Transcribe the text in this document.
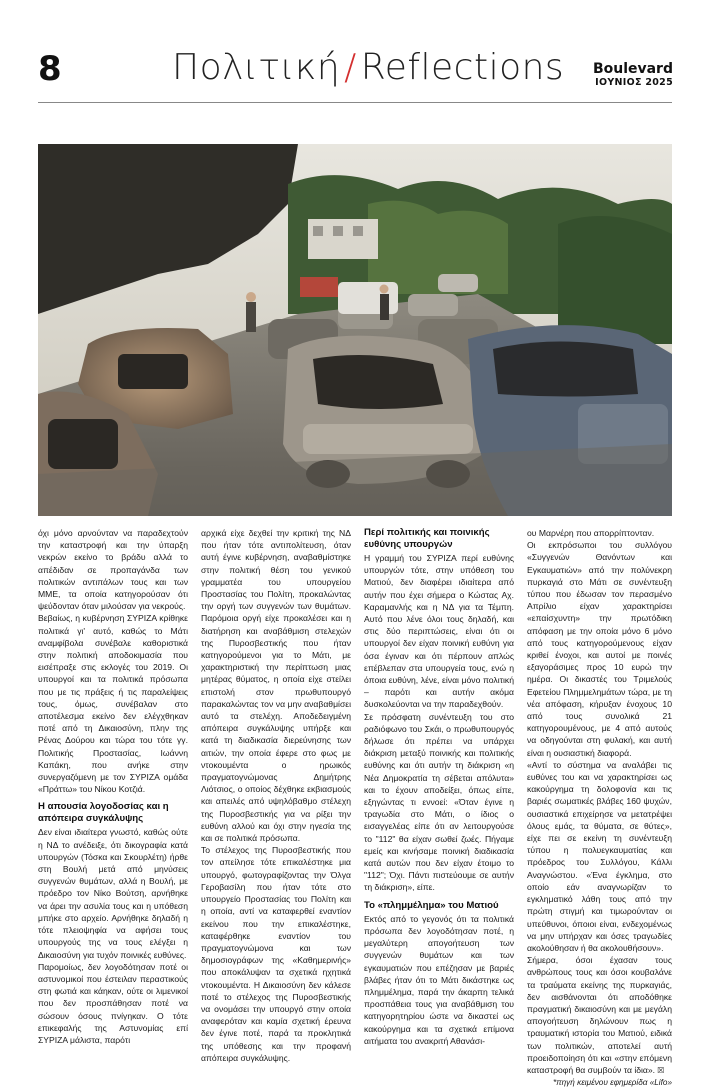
8	Πολιτική / Reflections Boulevard
ΙΟΥΝΙΟΣ 2025

όχι μόνο αρνούνταν να παραδεχτούν την καταστροφή και την ύπαρξη νεκρών εκείνο το βράδυ αλλά το απέδιδαν σε προπαγάνδα των πολιτικών αντιπάλων τους και των ΜΜΕ, τα οποία κατηγορούσαν ότι ψεύδονταν όταν μιλούσαν για νεκρούς.

Βεβαίως, η κυβέρνηση ΣΥΡΙΖΑ κρίθηκε πολιτικά γι' αυτό, καθώς το Μάτι αναμφίβολα συνέβαλε καθοριστικά στην πολιτική αποδοκιμασία που εισέπραξε στις εκλογές του 2019. Οι υπουργοί και τα πολιτικά πρόσωπα που με τις πράξεις ή τις παραλείψεις τους, όμως, συνέβαλαν στο αποτέλεσμα εκείνο δεν ελέγχθηκαν ποτέ από τη Δικαιοσύνη, πλην της Ρένας Δούρου και τώρα του τότε γγ. Πολιτικής Προστασίας, Ιωάννη Καπάκη, που ανήκε στην συνεργαζόμενη με τον ΣΥΡΙΖΑ ομάδα «Πράττω» του Νίκου Κοτζιά.

Η απουσία λογοδοσίας και η απόπειρα συγκάλυψης

Δεν είναι ιδιαίτερα γνωστό, καθώς ούτε η ΝΔ το ανέδειξε, ότι δικογραφία κατά υπουργών (Τόσκα και Σκουρλέτη) ήρθε στη Βουλή μετά από μηνύσεις συγγενών θυμάτων, αλλά η Βουλή, με πρόεδρο τον Νίκο Βούτση, αρνήθηκε να άρει την ασυλία τους και η υπόθεση μπήκε στο αρχείο. Αρνήθηκε δηλαδή η τότε πλειοψηφία να αφήσει τους υπουργούς της να τους ελέγξει η Δικαιοσύνη για τυχόν ποινικές ευθύνες.

Παρομοίως, δεν λογοδότησαν ποτέ οι αστυνομικοί που έστειλαν περαστικούς στη φωτιά και κάηκαν, ούτε οι λιμενικοί που δεν προσπάθησαν ποτέ να σώσουν όσους πνίγηκαν. Ο τότε επικεφαλής της Αστυνομίας επί ΣΥΡΙΖΑ μάλιστα, παρότι

αρχικά είχε δεχθεί την κριτική της ΝΔ που ήταν τότε αντιπολίτευση, όταν αυτή έγινε κυβέρνηση, αναβαθμίστηκε στην πολιτική θέση του γενικού γραμματέα του υπουργείου Προστασίας του Πολίτη, προκαλώντας την οργή των συγγενών των θυμάτων. Παρόμοια οργή είχε προκαλέσει και η διατήρηση και αναβάθμιση στελεχών της Πυροσβεστικής που ήταν κατηγορούμενοι για το Μάτι, με χαρακτηριστική την περίπτωση μιας μητέρας θύματος, η οποία είχε στείλει επιστολή στον πρωθυπουργό παρακαλώντας τον να μην αναβαθμίσει αυτό τα στελέχη. Αποδεδειγμένη απόπειρα συγκάλυψης υπήρξε και κατά τη διαδικασία διερεύνησης των αιτιών, την οποία έφερε στο φως με ντοκουμέντα ο ηρωικός πραγματογνώμονας Δημήτρης Λιότσιος, ο οποίος δέχθηκε εκβιασμούς και απειλές από υψηλόβαθμο στέλεχη της Πυροσβεστικής για να ρίξει την ευθύνη αλλού και όχι στην ηγεσία της και σε πολιτικά πρόσωπα.

Το στέλεχος της Πυροσβεστικής που τον απείλησε τότε επικαλέστηκε μια υπουργό, φωτογραφίζοντας την Όλγα Γεροβασίλη που ήταν τότε στο υπουργείο Προστασίας του Πολίτη και η οποία, αντί να καταφερθεί εναντίον εκείνου που την επικαλέστηκε, καταφέρθηκε εναντίον του πραγματογνώμονα και των δημοσιογράφων της «Καθημερινής» που αποκάλυψαν τα σχετικά ηχητικά ντοκουμέντα. Η Δικαιοσύνη δεν κάλεσε ποτέ το στέλεχος της Πυροσβεστικής να ονομάσει την υπουργό στην οποία αναφερόταν και καμία σχετική έρευνα δεν έγινε ποτέ, παρά τα προκλητικά της υπόθεσης και την προφανή απόπειρα συγκάλυψης.

Περί πολιτικής και ποινικής ευθύνης υπουργών

Η γραμμή του ΣΥΡΙΖΑ περί ευθύνης υπουργών τότε, στην υπόθεση του Ματιού, δεν διαφέρει ιδιαίτερα από αυτήν που έχει σήμερα ο Κώστας Αχ. Καραμανλής και η ΝΔ για τα Τέμπη. Αυτό που λένε όλοι τους δηλαδή, και στις δύο περιπτώσεις, είναι ότι οι υπουργοί δεν είχαν ποινική ευθύνη για όσα έγιναν και ότι πέρπουν απλώς επέβλεπαν στα υπουργεία τους, ενώ η όποια ευθύνη, λένε, είναι μόνο πολιτική – παρότι και αυτήν ακόμα δυσκολεύονται να την παραδεχθούν.

Σε πρόσφατη συνέντευξη του στο ραδιόφωνο του Σκάι, ο πρωθυπουργός δήλωσε ότι πρέπει να υπάρχει διάκριση μεταξύ ποινικής και πολιτικής ευθύνης και ότι αυτήν τη διάκριση «η Νέα Δημοκρατία τη σέβεται απόλυτα» και το έχουν αποδείξει, όπως είπε, εξηγώντας τι εννοεί: «Όταν έγινε η τραγωδία στο Μάτι, ο ίδιος ο εισαγγελέας είπε ότι αν λειτουργούσε το "112" θα είχαν σωθεί ζωές. Πήγαμε εμείς και κινήσαμε ποινική διαδικασία κατά αυτών που δεν είχαν έτοιμο το "112"; Όχι. Πάντι πιστεύουμε σε αυτήν τη διάκριση», είπε.

Το «πλημμέλημα» του Ματιού

Εκτός από το γεγονός ότι τα πολιτικά πρόσωπα δεν λογοδότησαν ποτέ, η μεγαλύτερη απογοήτευση των συγγενών θυμάτων και των εγκαυματιών που επέζησαν με βαριές βλάβες ήταν ότι το Μάτι δικάστηκε ως πλημμέλημα, παρά την άκαρπη τελικά προσπάθεια τους για αναβάθμιση του κατηγορητηρίου ώστε να δικαστεί ως κακούργημα και τα σχετικά επίμονα αιτήματα του ανακριτή Αθανάσι-

ου Μαρνέρη που απορρίπτονταν.

Οι εκπρόσωποι του συλλόγου «Συγγενών Θανόντων και Εγκαυματιών» από την πολύνεκρη πυρκαγιά στο Μάτι σε συνέντευξη τύπου που έδωσαν τον περασμένο Απρίλιο είχαν χαρακτηρίσει «επαίσχυντη» την πρωτόδικη απόφαση με την οποία μόνο 6 μόνο από τους κατηγορούμενους είχαν κριθεί ένοχοι, και αυτοί με ποινές εξαγοράσιμες προς 10 ευρώ την ημέρα. Οι δικαστές του Τριμελούς Εφετείου Πλημμελημάτων τώρα, με τη νέα απόφαση, κήρυξαν ένοχους 10 από τους συνολικά 21 κατηγορουμένους, με 4 από αυτούς να οδηγούνται στη φυλακή, και αυτή είναι η ουσιαστική διαφορά.

«Αντί το σύστημα να αναλάβει τις ευθύνες του και να χαρακτηρίσει ως κακούργημα τη δολοφονία και τις βαριές σωματικές βλάβες 160 ψυχών, ουσιαστικά επιχείρησε να μετατρέψει όλους εμάς, τα θύματα, σε θύτες», είχε πει σε εκείνη τη συνέντευξη τύπου η πολυεγκαυματίας και πρόεδρος του Συλλόγου, Κάλλι Αναγνώστου. «Ένα έγκλημα, στο οποίο εάν αναγνωρίζαν το εγκληματικό λάθη τους από την πρώτη στιγμή και τιμωρούνταν οι υπεύθυνοι, όποιοι είναι, ενδεχομένως να μην υπήρχαν και όσες τραγωδίες ακολούθησαν ή θα ακολουθήσουν».

Σήμερα, όσοι έχασαν τους ανθρώπους τους και όσοι κουβαλάνε τα τραύματα εκείνης της πυρκαγιάς, δεν αισθάνονται ότι αποδόθηκε πραγματική δικαιοσύνη και με μεγάλη απογοήτευση δηλώνουν πως η τραυματική ιστορία του Ματιού, ειδικά των πολιτικών, αποτελεί αυτή προειδοποίηση ότι και «στην επόμενη καταστροφή θα συμβούν τα ίδια». ☒

*πηγή κειμένου εφημερίδα «Lifo»
